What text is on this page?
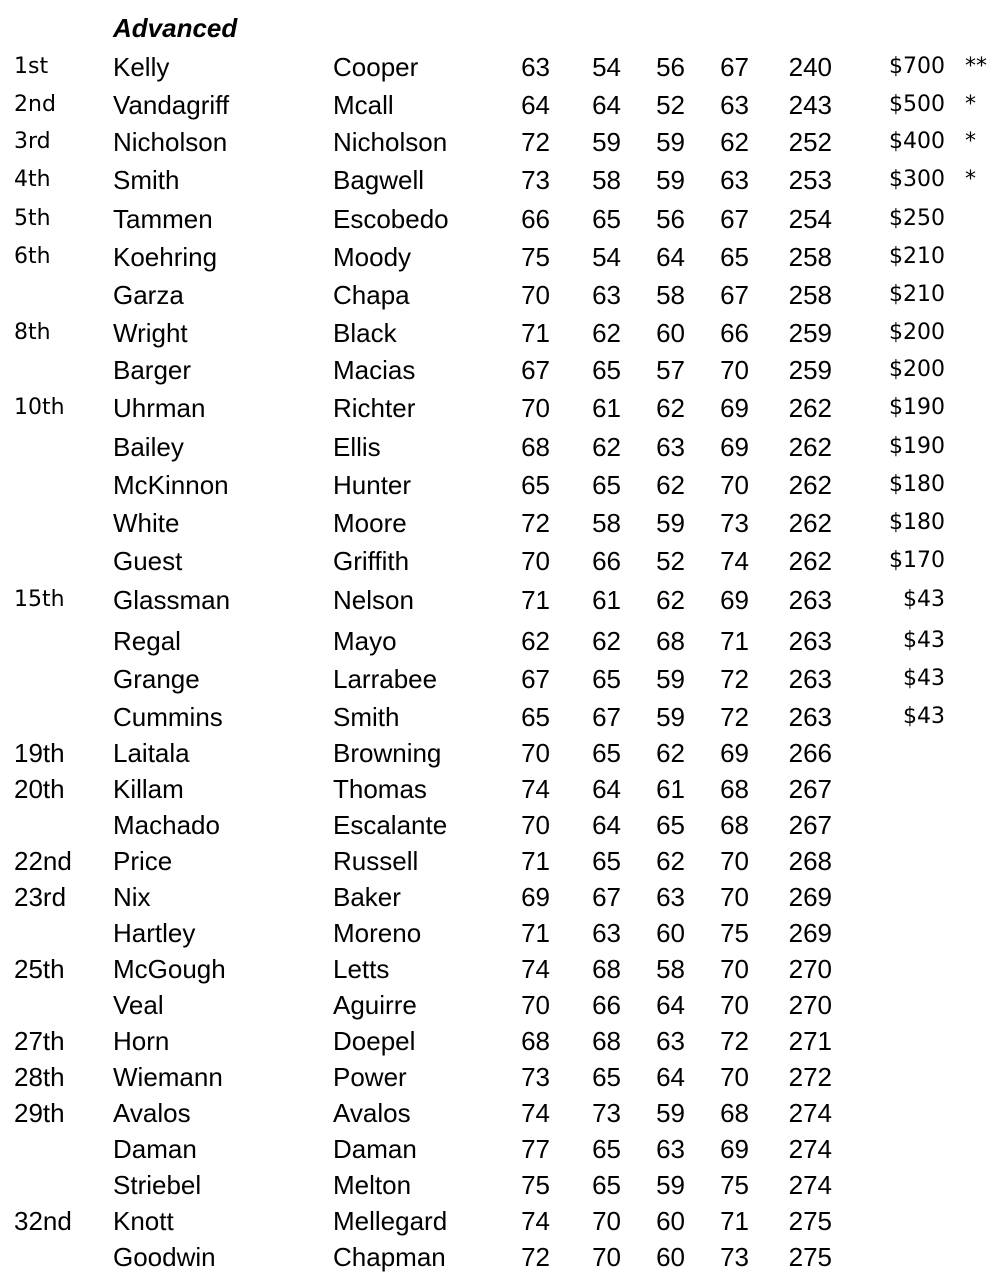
Advanced
1st	Kelly	Cooper	63	54	56	67	240	$700 **
2nd	Vandagriff	Mcall	64	64	52	63	243	$500 *
3rd	Nicholson	Nicholson	72	59	59	62	252	$400 *
4th	Smith	Bagwell	73	58	59	63	253	$300 *
5th	Tammen	Escobedo	66	65	56	67	254	$250
6th	Koehring	Moody	75	54	64	65	258	$210
Garza	Chapa	70	63	58	67	258	$210
8th	Wright	Black	71	62	60	66	259	$200
Barger	Macias	67	65	57	70	259	$200
10th	Uhrman	Richter	70	61	62	69	262	$190
Bailey	Ellis	68	62	63	69	262	$190
McKinnon	Hunter	65	65	62	70	262	$180
White	Moore	72	58	59	73	262	$180
Guest	Griffith	70	66	52	74	262	$170
15th	Glassman	Nelson	71	61	62	69	263	$43
Regal	Mayo	62	62	68	71	263	$43
Grange	Larrabee	67	65	59	72	263	$43
Cummins	Smith	65	67	59	72	263	$43
19th	Laitala	Browning	70	65	62	69	266
20th	Killam	Thomas	74	64	61	68	267
Machado	Escalante	70	64	65	68	267
22nd	Price	Russell	71	65	62	70	268
23rd	Nix	Baker	69	67	63	70	269
Hartley	Moreno	71	63	60	75	269
25th	McGough	Letts	74	68	58	70	270
Veal	Aguirre	70	66	64	70	270
27th	Horn	Doepel	68	68	63	72	271
28th	Wiemann	Power	73	65	64	70	272
29th	Avalos	Avalos	74	73	59	68	274
Daman	Daman	77	65	63	69	274
Striebel	Melton	75	65	59	75	274
32nd	Knott	Mellegard	74	70	60	71	275
Goodwin	Chapman	72	70	60	73	275
